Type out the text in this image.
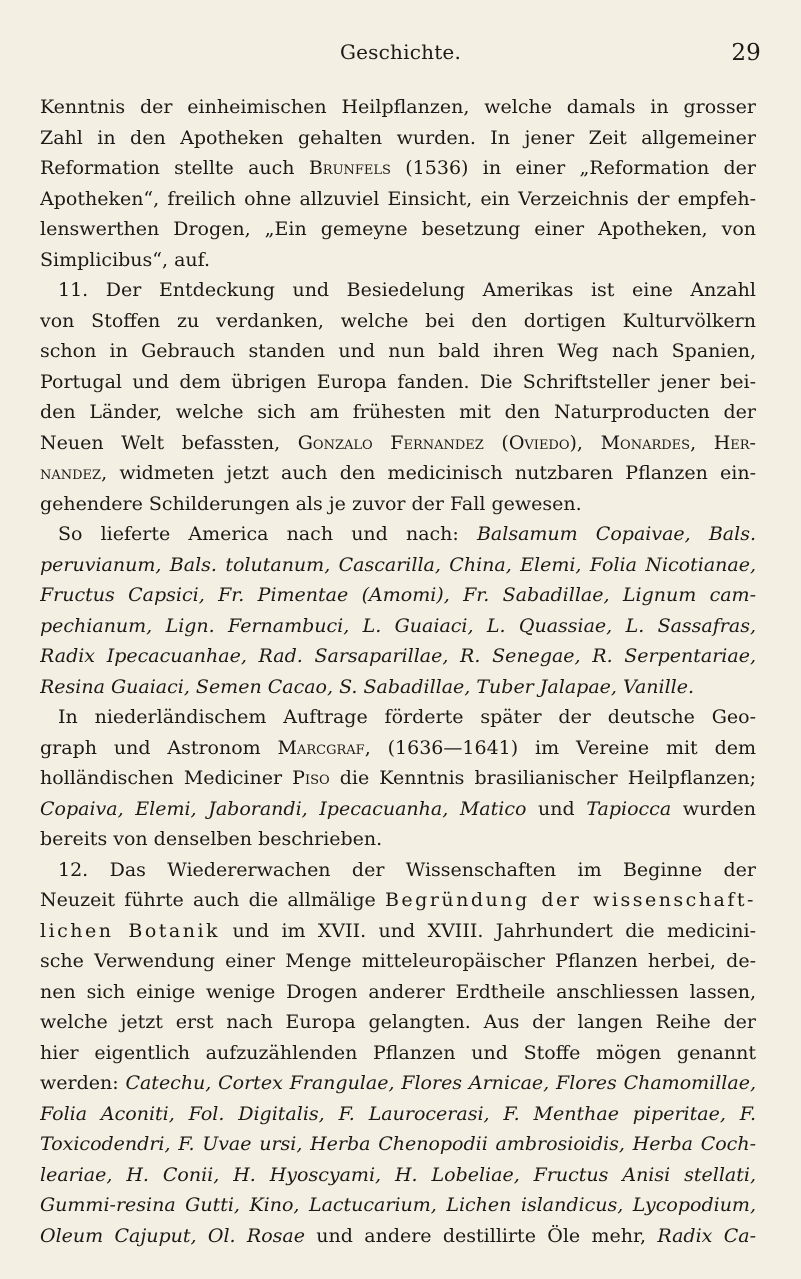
Geschichte.	29
Kenntnis der einheimischen Heilpflanzen, welche damals in grosser
Zahl in den Apotheken gehalten wurden. In jener Zeit allgemeiner
Reformation stellte auch Brunfels (1536) in einer „Reformation der
Apotheken“, freilich ohne allzuviel Einsicht, ein Verzeichnis der empfeh-
lenswerthen Drogen, „Ein gemeyne besetzung einer Apotheken, von
Simplicibus“, auf.
11. Der Entdeckung und Besiedelung Amerikas ist eine Anzahl
von Stoffen zu verdanken, welche bei den dortigen Kulturvölkern
schon in Gebrauch standen und nun bald ihren Weg nach Spanien,
Portugal und dem übrigen Europa fanden. Die Schriftsteller jener bei-
den Länder, welche sich am frühesten mit den Naturproducten der
Neuen Welt befassten, Gonzalo Fernandez (Oviedo), Monardes, Her-
nandez, widmeten jetzt auch den medicinisch nutzbaren Pflanzen ein-
gehendere Schilderungen als je zuvor der Fall gewesen.
So lieferte America nach und nach: Balsamum Copaivae, Bals.
peruvianum, Bals. tolutanum, Cascarilla, China, Elemi, Folia Nicotianae,
Fructus Capsici, Fr. Pimentae (Amomi), Fr. Sabadillae, Lignum cam-
pechianum, Lign. Fernambuci, L. Guaiaci, L. Quassiae, L. Sassafras,
Radix Ipecacuanhae, Rad. Sarsaparillae, R. Senegae, R. Serpentariae,
Resina Guaiaci, Semen Cacao, S. Sabadillae, Tuber Jalapae, Vanille.
In niederländischem Auftrage förderte später der deutsche Geo-
graph und Astronom Marcgraf, (1636—1641) im Vereine mit dem
holländischen Mediciner Piso die Kenntnis brasilianischer Heilpflanzen;
Copaiva, Elemi, Jaborandi, Ipecacuanha, Matico und Tapiocca wurden
bereits von denselben beschrieben.
12. Das Wiedererwachen der Wissenschaften im Beginne der
Neuzeit führte auch die allmälige Begründung der wissenschaft-
lichen Botanik und im XVII. und XVIII. Jahrhundert die medicini-
sche Verwendung einer Menge mitteleuropäischer Pflanzen herbei, de-
nen sich einige wenige Drogen anderer Erdtheile anschliessen lassen,
welche jetzt erst nach Europa gelangten. Aus der langen Reihe der
hier eigentlich aufzuzählenden Pflanzen und Stoffe mögen genannt
werden: Catechu, Cortex Frangulae, Flores Arnicae, Flores Chamomillae,
Folia Aconiti, Fol. Digitalis, F. Laurocerasi, F. Menthae piperitae, F.
Toxicodendri, F. Uvae ursi, Herba Chenopodii ambrosioidis, Herba Coch-
leariae, H. Conii, H. Hyoscyami, H. Lobeliae, Fructus Anisi stellati,
Gummi-resina Gutti, Kino, Lactucarium, Lichen islandicus, Lycopodium,
Oleum Cajuput, Ol. Rosae und andere destillirte Öle mehr, Radix Ca-
